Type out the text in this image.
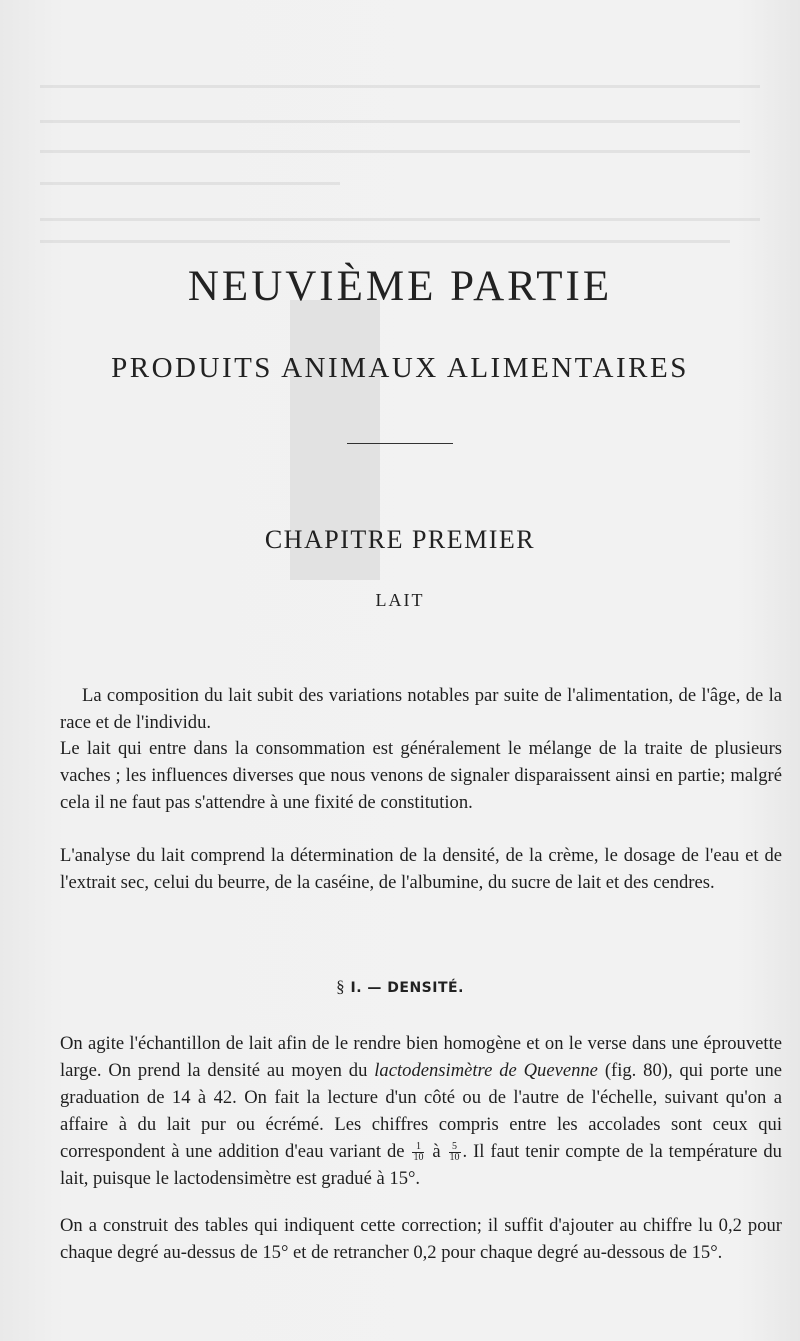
NEUVIÈME PARTIE
PRODUITS ANIMAUX ALIMENTAIRES
CHAPITRE PREMIER
LAIT

La composition du lait subit des variations notables par suite de l'alimentation, de l'âge, de la race et de l'individu.

Le lait qui entre dans la consommation est généralement le mélange de la traite de plusieurs vaches ; les influences diverses que nous venons de signaler disparaissent ainsi en partie; malgré cela il ne faut pas s'attendre à une fixité de constitution.

L'analyse du lait comprend la détermination de la densité, de la crème, le dosage de l'eau et de l'extrait sec, celui du beurre, de la caséine, de l'albumine, du sucre de lait et des cendres.

§ I. — DENSITÉ.

On agite l'échantillon de lait afin de le rendre bien homogène et on le verse dans une éprouvette large. On prend la densité au moyen du lactodensimètre de Quevenne (fig. 80), qui porte une graduation de 14 à 42. On fait la lecture d'un côté ou de l'autre de l'échelle, suivant qu'on a affaire à du lait pur ou écrémé. Les chiffres compris entre les accolades sont ceux qui correspondent à une addition d'eau variant de $\frac{1}{10}$ à $\frac{5}{10}$ . Il faut tenir compte de la température du lait, puisque le lactodensimètre est gradué à 15°.

On a construit des tables qui indiquent cette correction; il suffit d'ajouter au chiffre lu 0,2 pour chaque degré au-dessus de 15° et de retrancher 0,2 pour chaque degré au-dessous de 15°.
